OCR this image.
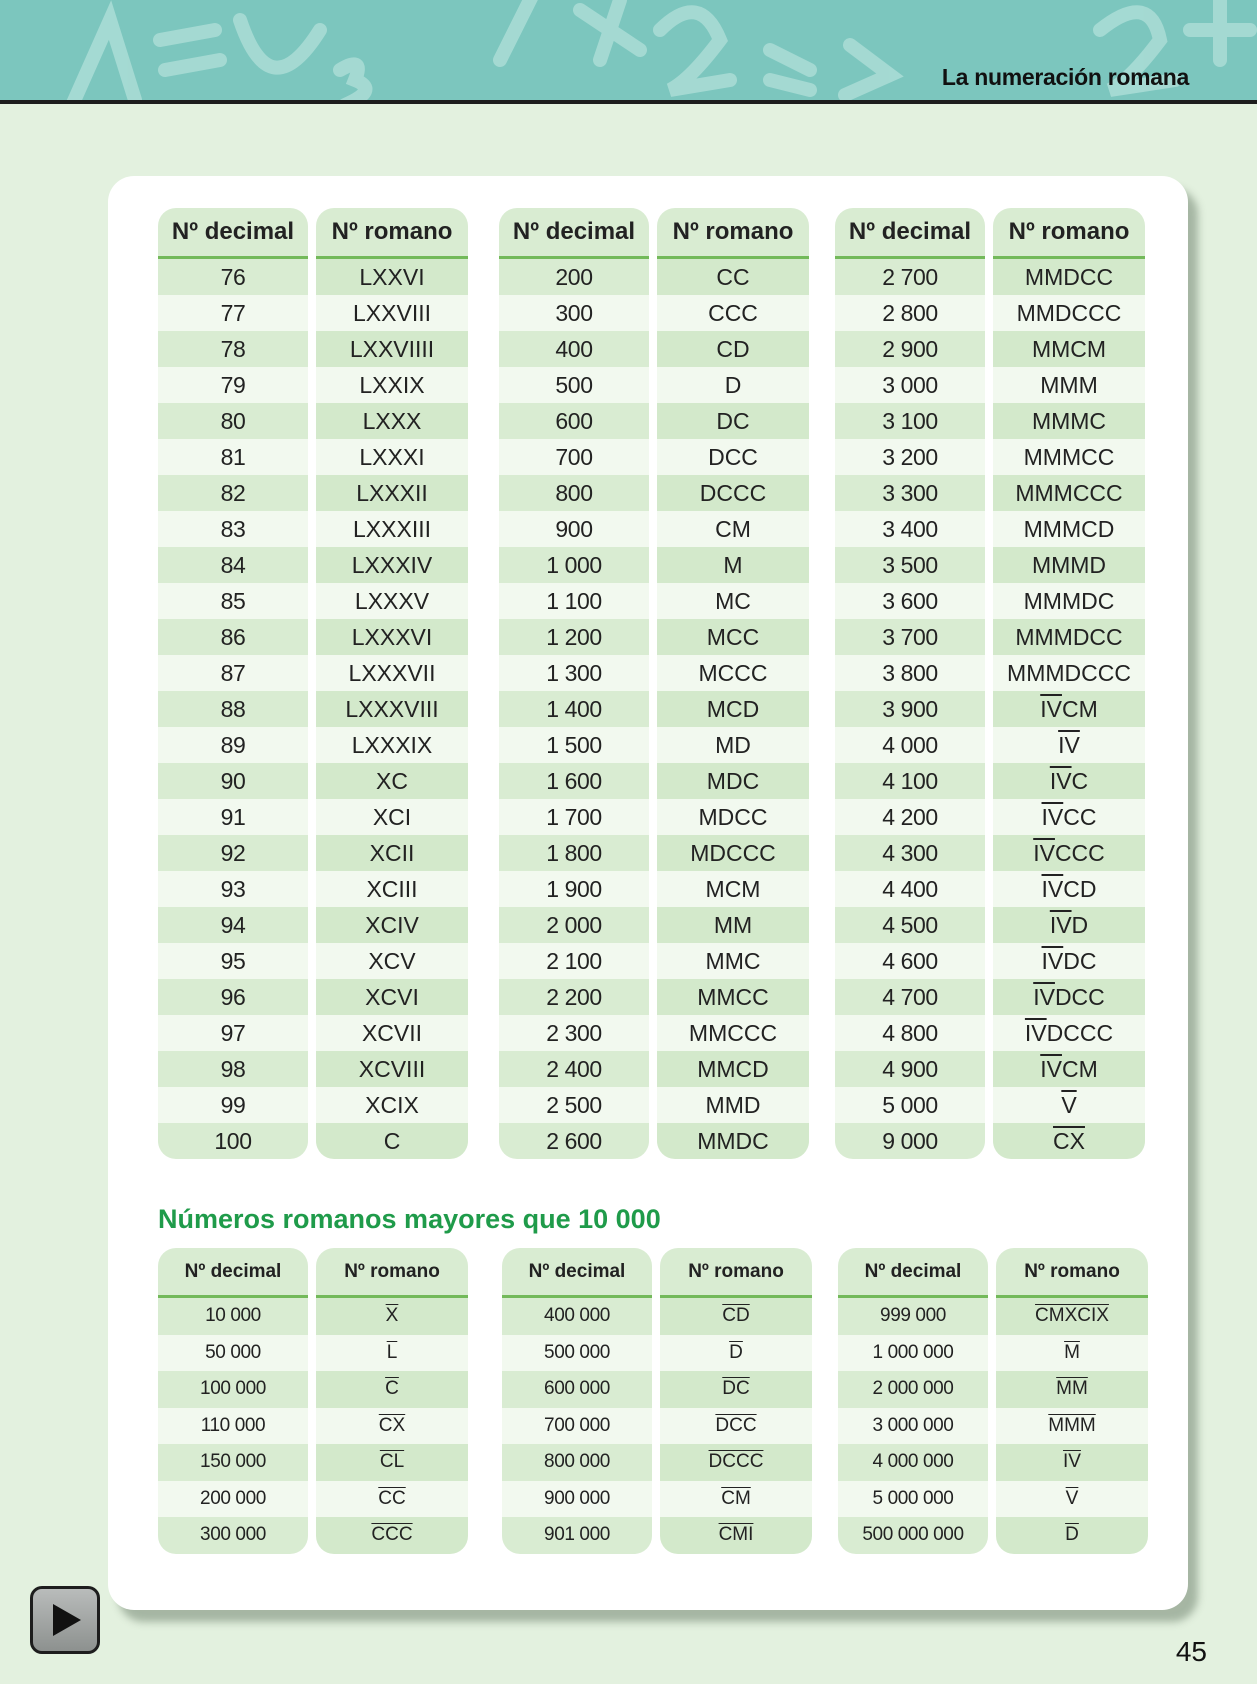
La numeración romana
Nº decimal
76
77
78
79
80
81
82
83
84
85
86
87
88
89
90
91
92
93
94
95
96
97
98
99
100
Nº romano
LXXVI
LXXVIII
LXXVIIII
LXXIX
LXXX
LXXXI
LXXXII
LXXXIII
LXXXIV
LXXXV
LXXXVI
LXXXVII
LXXXVIII
LXXXIX
XC
XCI
XCII
XCIII
XCIV
XCV
XCVI
XCVII
XCVIII
XCIX
C
Nº decimal
200
300
400
500
600
700
800
900
1 000
1 100
1 200
1 300
1 400
1 500
1 600
1 700
1 800
1 900
2 000
2 100
2 200
2 300
2 400
2 500
2 600
Nº romano
CC
CCC
CD
D
DC
DCC
DCCC
CM
M
MC
MCC
MCCC
MCD
MD
MDC
MDCC
MDCCC
MCM
MM
MMC
MMCC
MMCCC
MMCD
MMD
MMDC
Nº decimal
2 700
2 800
2 900
3 000
3 100
3 200
3 300
3 400
3 500
3 600
3 700
3 800
3 900
4 000
4 100
4 200
4 300
4 400
4 500
4 600
4 700
4 800
4 900
5 000
9 000
Nº romano
MMDCC
MMDCCC
MMCM
MMM
MMMC
MMMCC
MMMCCC
MMMCD
MMMD
MMMDC
MMMDCC
MMMDCCC
$\overline{IV}$ CM
$\overline{IV}$
$\overline{IV}$ C
$\overline{IV}$ CC
$\overline{IV}$ CCC
$\overline{IV}$ CD
$\overline{IV}$ D
$\overline{IV}$ DC
$\overline{IV}$ DCC
$\overline{IV}$ DCCC
$\overline{IV}$ CM
$\overline{V}$
$\overline{CX}$
Números romanos mayores que 10 000
Nº decimal
10 000
50 000
100 000
110 000
150 000
200 000
300 000
Nº romano
$\overline{X}$
$\overline{L}$
$\overline{C}$
$\overline{CX}$
$\overline{CL}$
$\overline{CC}$
$\overline{CCC}$
Nº decimal
400 000
500 000
600 000
700 000
800 000
900 000
901 000
Nº romano
$\overline{CD}$
$\overline{D}$
$\overline{DC}$
$\overline{DCC}$
DCCC
$\overline{CM}$
$\overline{CMI}$
Nº decimal
999 000
1 000 000
2 000 000
3 000 000
4 000 000
5 000 000
500 000 000
Nº romano
CMXCIX
$\overline{M}$
$\overline{MM}$
$\overline{MMM}$
$\overline{IV}$
$\overline{V}$
$\overline{D}$
45
